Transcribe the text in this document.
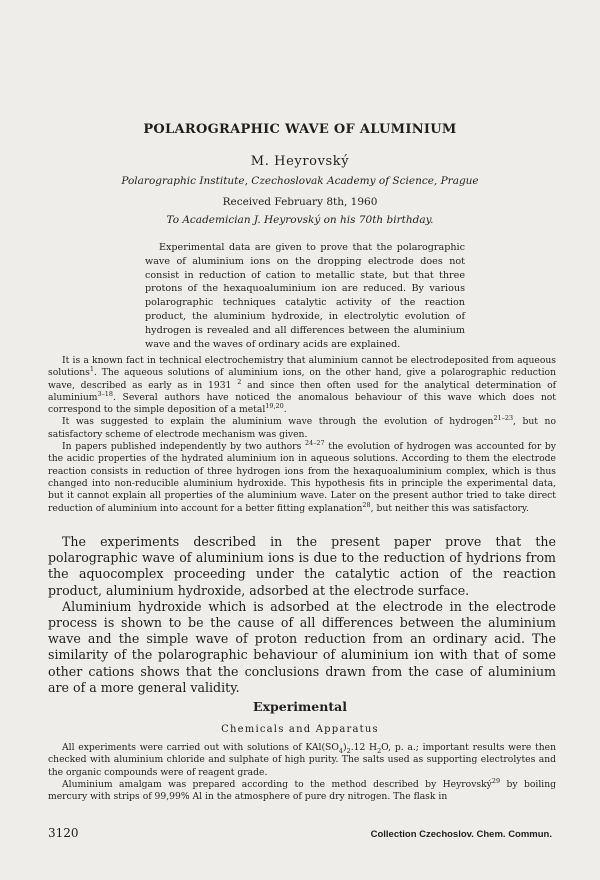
POLAROGRAPHIC WAVE OF ALUMINIUM
M. Heyrovský
Polarographic Institute, Czechoslovak Academy of Science, Prague
Received February 8th, 1960
To Academician J. Heyrovský on his 70th birthday.

Experimental data are given to prove that the polarographic wave of aluminium ions on the dropping electrode does not consist in reduction of cation to metallic state, but that three protons of the hexaquoaluminium ion are reduced. By various polarographic techniques catalytic activity of the reaction product, the aluminium hydroxide, in electrolytic evolution of hydrogen is revealed and all differences between the aluminium wave and the waves of ordinary acids are explained.

It is a known fact in technical electrochemistry that aluminium cannot be electrodeposited from aqueous solutions$^1$. The aqueous solutions of aluminium ions, on the other hand, give a polarographic reduction wave, described as early as in 1931 $^2$ and since then often used for the analytical determination of aluminium$^{3-18}$. Several authors have noticed the anomalous behaviour of this wave which does not correspond to the simple deposition of a metal$^{19,20}$.

It was suggested to explain the aluminium wave through the evolution of hydrogen$^{21-23}$, but no satisfactory scheme of electrode mechanism was given.

In papers published independently by two authors $^{24-27}$ the evolution of hydrogen was accounted for by the acidic properties of the hydrated aluminium ion in aqueous solutions. According to them the electrode reaction consists in reduction of three hydrogen ions from the hexaquoaluminium complex, which is thus changed into non-reducible aluminium hydroxide. This hypothesis fits in principle the experimental data, but it cannot explain all properties of the aluminium wave. Later on the present author tried to take direct reduction of aluminium into account for a better fitting explanation$^{28}$, but neither this was satisfactory.

The experiments described in the present paper prove that the polarographic wave of aluminium ions is due to the reduction of hydrions from the aquocomplex proceeding under the catalytic action of the reaction product, aluminium hydroxide, adsorbed at the electrode surface.

Aluminium hydroxide which is adsorbed at the electrode in the electrode process is shown to be the cause of all differences between the aluminium wave and the simple wave of proton reduction from an ordinary acid. The similarity of the polarographic behaviour of aluminium ion with that of some other cations shows that the conclusions drawn from the case of aluminium are of a more general validity.

Experimental
Chemicals and Apparatus

All experiments were carried out with solutions of $KAl(SO_4)_2.12$ $H_2O$, p. a.; important results were then checked with aluminium chloride and sulphate of high purity. The salts used as supporting electrolytes and the organic compounds were of reagent grade.

Aluminium amalgam was prepared according to the method described by Heyrovský$^{29}$ by boiling mercury with strips of 99,99% Al in the atmosphere of pure dry nitrogen. The flask in

3120	Collection Czechoslov. Chem. Commun.
